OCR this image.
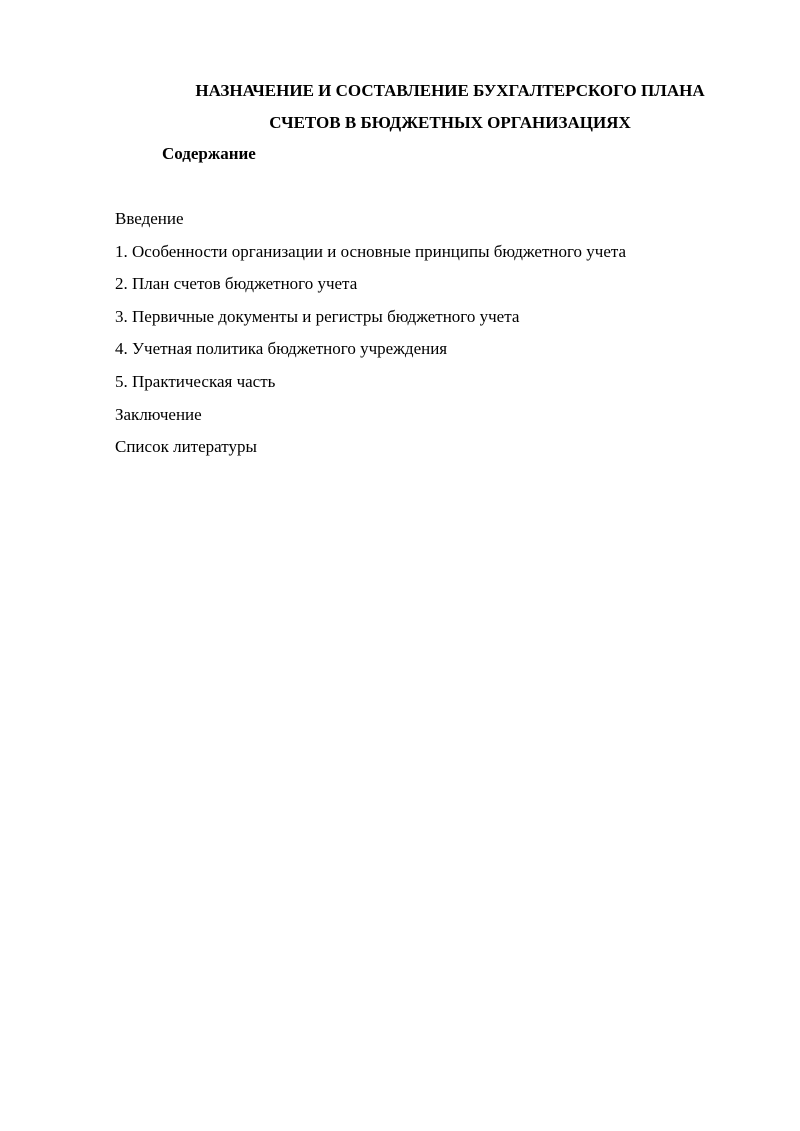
НАЗНАЧЕНИЕ И СОСТАВЛЕНИЕ БУХГАЛТЕРСКОГО ПЛАНА
СЧЕТОВ В БЮДЖЕТНЫХ ОРГАНИЗАЦИЯХ
Содержание
Введение
1. Особенности организации и основные принципы бюджетного учета
2. План счетов бюджетного учета
3. Первичные документы и регистры бюджетного учета
4. Учетная политика бюджетного учреждения
5. Практическая часть
Заключение
Список литературы
